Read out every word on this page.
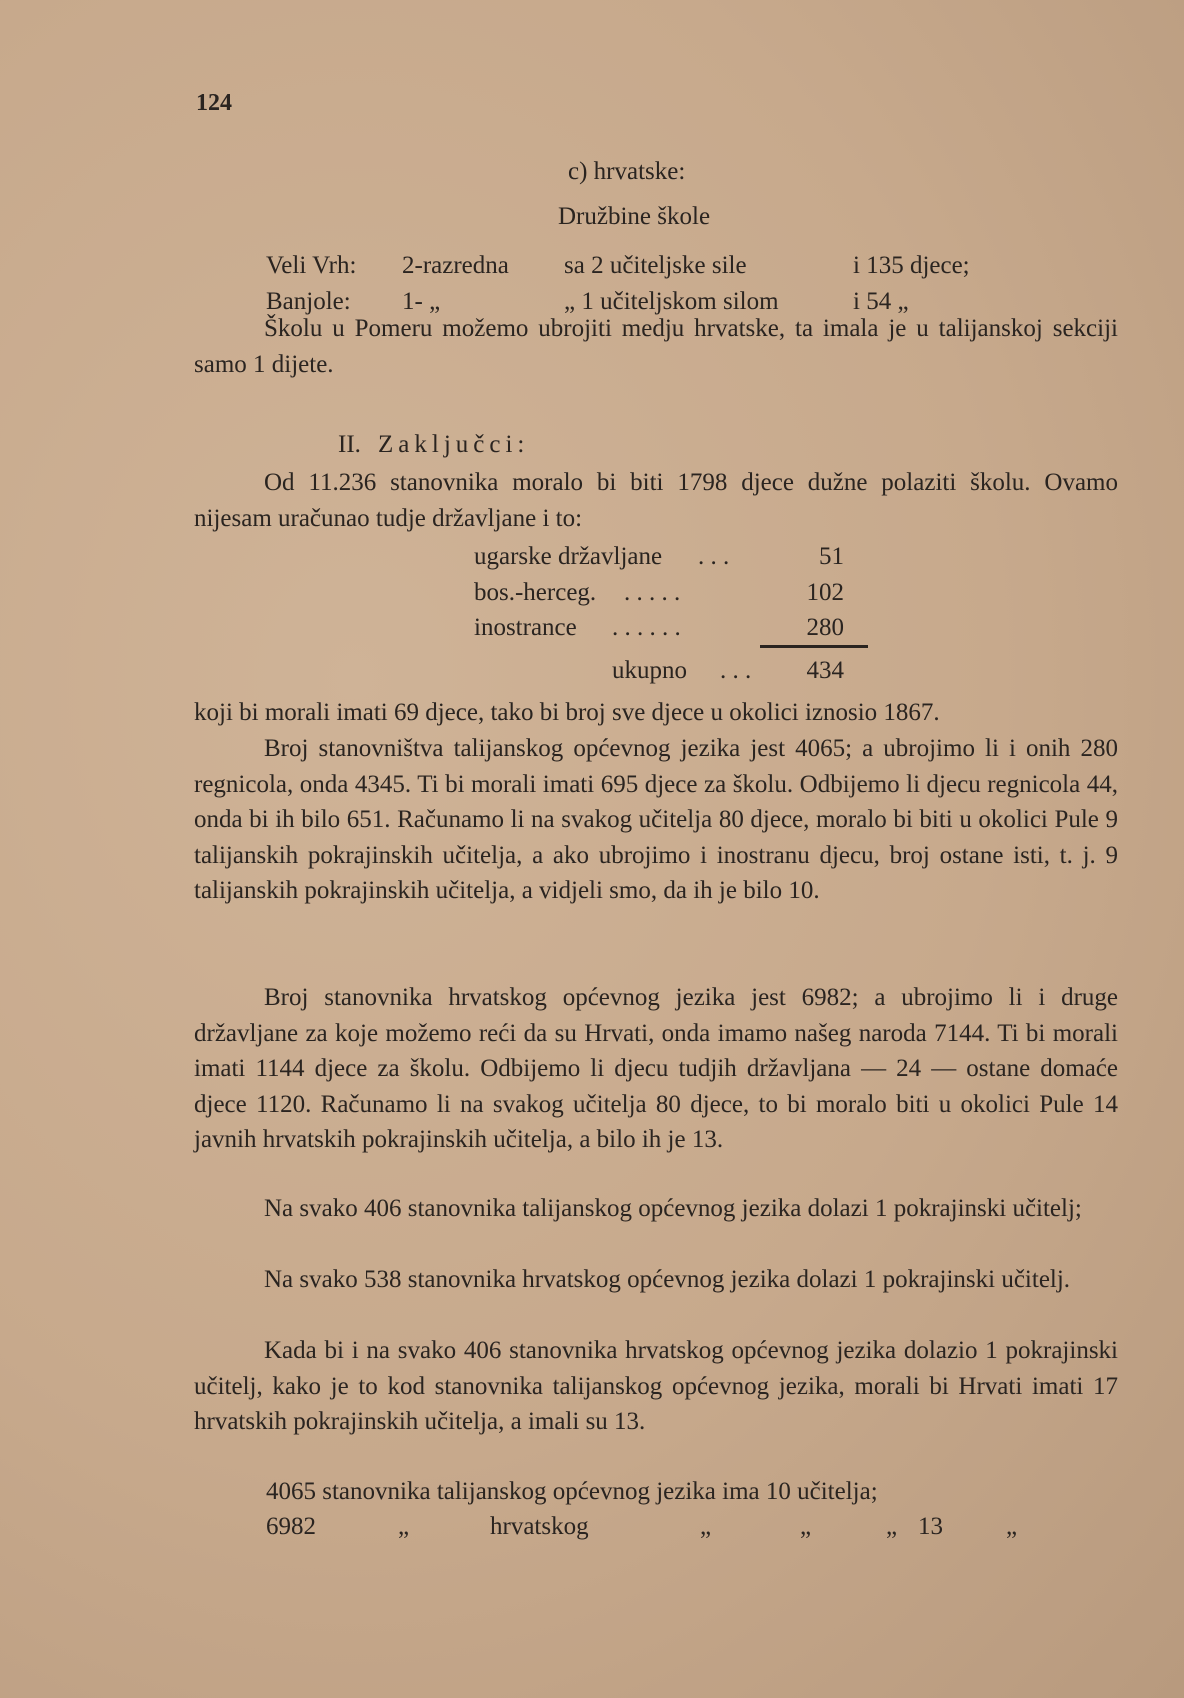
124
c) hrvatske:
Družbine škole
Veli Vrh: 2-razredna sa 2 učiteljske sile	i 135 djece;
Banjole: 1- „	„ 1 učiteljskom silom	i 54 „

Školu u Pomeru možemo ubrojiti medju hrvatske, ta imala je u talijanskoj sekciji samo 1 dijete.

II. Zaključci:

Od 11.236 stanovnika moralo bi biti 1798 djece dužne polaziti školu. Ovamo nijesam uračunao tudje državljane i to:

ugarske državljane . . .	51
bos.-herceg. . . . . .	102
inostrance . . . . . .	280
ukupno . . .	434

koji bi morali imati 69 djece, tako bi broj sve djece u okolici iznosio 1867.

Broj stanovništva talijanskog općevnog jezika jest 4065; a ubrojimo li i onih 280 regnicola, onda 4345. Ti bi morali imati 695 djece za školu. Odbijemo li djecu regnicola 44, onda bi ih bilo 651. Računamo li na svakog učitelja 80 djece, moralo bi biti u okolici Pule 9 talijanskih pokrajinskih učitelja, a ako ubrojimo i inostranu djecu, broj ostane isti, t. j. 9 talijanskih pokrajinskih učitelja, a vidjeli smo, da ih je bilo 10.

Broj stanovnika hrvatskog općevnog jezika jest 6982; a ubrojimo li i druge državljane za koje možemo reći da su Hrvati, onda imamo našeg naroda 7144. Ti bi morali imati 1144 djece za školu. Odbijemo li djecu tudjih državljana — 24 — ostane domaće djece 1120. Računamo li na svakog učitelja 80 djece, to bi moralo biti u okolici Pule 14 javnih hrvatskih pokrajinskih učitelja, a bilo ih je 13.

Na svako 406 stanovnika talijanskog općevnog jezika dolazi 1 pokrajinski učitelj;

Na svako 538 stanovnika hrvatskog općevnog jezika dolazi 1 pokrajinski učitelj.

Kada bi i na svako 406 stanovnika hrvatskog općevnog jezika dolazio 1 pokrajinski učitelj, kako je to kod stanovnika talijanskog općevnog jezika, morali bi Hrvati imati 17 hrvatskih pokrajinskih učitelja, a imali su 13.

4065 stanovnika talijanskog općevnog jezika ima 10 učitelja;
6982	„	hrvatskog	„	„	„ 13	„
